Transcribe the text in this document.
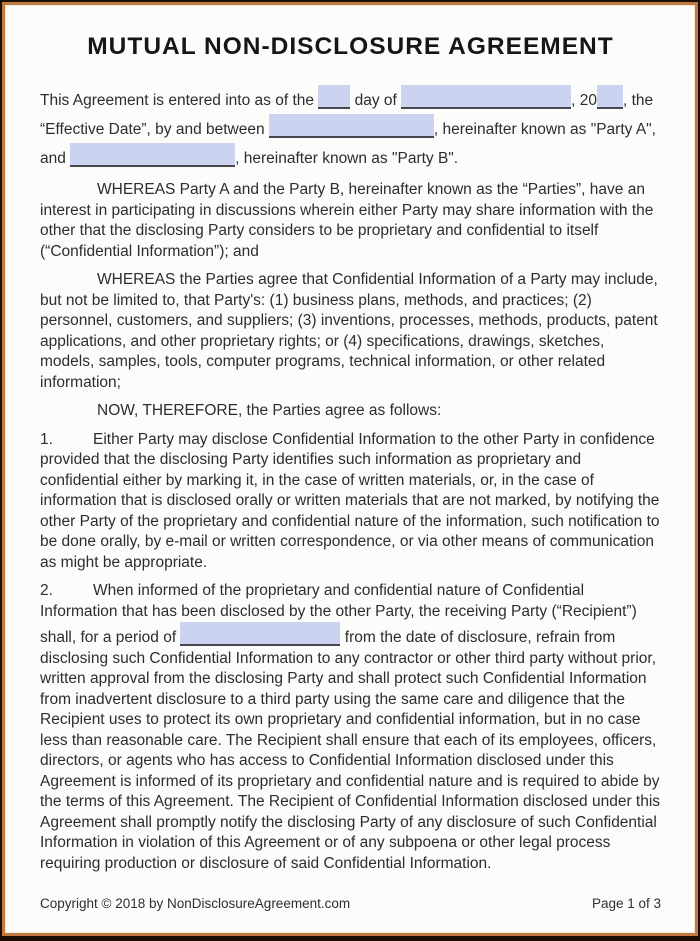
MUTUAL NON-DISCLOSURE AGREEMENT

This Agreement is entered into as of the  day of	, 20 , the “Effective Date”, by and between	, hereinafter known as "Party A", and	, hereinafter known as "Party B".

WHEREAS Party A and the Party B, hereinafter known as the “Parties”, have an interest in participating in discussions wherein either Party may share information with the other that the disclosing Party considers to be proprietary and confidential to itself (“Confidential Information”); and

WHEREAS the Parties agree that Confidential Information of a Party may include, but not be limited to, that Party's: (1) business plans, methods, and practices; (2) personnel, customers, and suppliers; (3) inventions, processes, methods, products, patent applications, and other proprietary rights; or (4) specifications, drawings, sketches, models, samples, tools, computer programs, technical information, or other related information;

NOW, THEREFORE, the Parties agree as follows:

1.	Either Party may disclose Confidential Information to the other Party in confidence provided that the disclosing Party identifies such information as proprietary and confidential either by marking it, in the case of written materials, or, in the case of information that is disclosed orally or written materials that are not marked, by notifying the other Party of the proprietary and confidential nature of the information, such notification to be done orally, by e-mail or written correspondence, or via other means of communication as might be appropriate.

2.	When informed of the proprietary and confidential nature of Confidential Information that has been disclosed by the other Party, the receiving Party (“Recipient”) shall, for a period of	from the date of disclosure, refrain from disclosing such Confidential Information to any contractor or other third party without prior, written approval from the disclosing Party and shall protect such Confidential Information from inadvertent disclosure to a third party using the same care and diligence that the Recipient uses to protect its own proprietary and confidential information, but in no case less than reasonable care. The Recipient shall ensure that each of its employees, officers, directors, or agents who has access to Confidential Information disclosed under this Agreement is informed of its proprietary and confidential nature and is required to abide by the terms of this Agreement. The Recipient of Confidential Information disclosed under this Agreement shall promptly notify the disclosing Party of any disclosure of such Confidential Information in violation of this Agreement or of any subpoena or other legal process requiring production or disclosure of said Confidential Information.

Copyright © 2018 by NonDisclosureAgreement.com	Page 1 of 3
